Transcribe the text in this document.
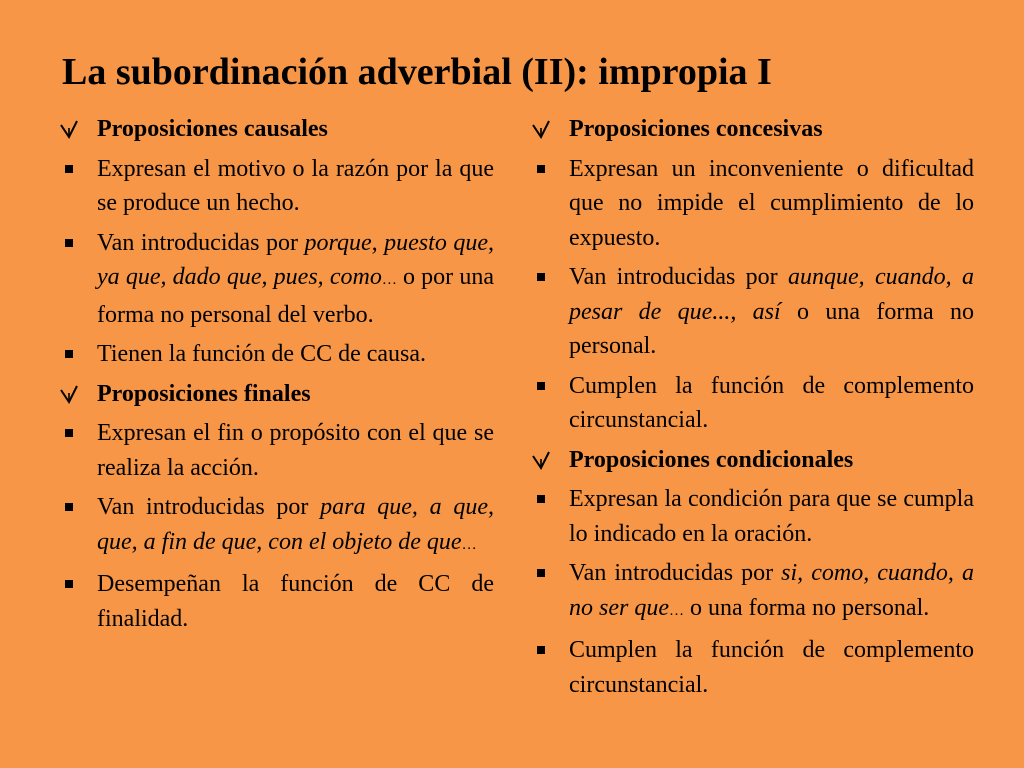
La subordinación adverbial (II): impropia I
Proposiciones causales
Expresan el motivo o la razón por la que se produce un hecho.
Van introducidas por porque, puesto que, ya que, dado que, pues, como… o por una forma no personal del verbo.
Tienen la función de CC de causa.
Proposiciones finales
Expresan el fin o propósito con el que se realiza la acción.
Van introducidas por para que, a que, que, a fin de que, con el objeto de que…
Desempeñan la función de CC de finalidad.
Proposiciones concesivas
Expresan un inconveniente o dificultad que no impide el cumplimiento de lo expuesto.
Van introducidas por aunque, cuando, a pesar de que..., así o una forma no personal.
Cumplen la función de complemento circunstancial.
Proposiciones condicionales
Expresan la condición para que se cumpla lo indicado en la oración.
Van introducidas por si, como, cuando, a no ser que… o una forma no personal.
Cumplen la función de complemento circunstancial.
